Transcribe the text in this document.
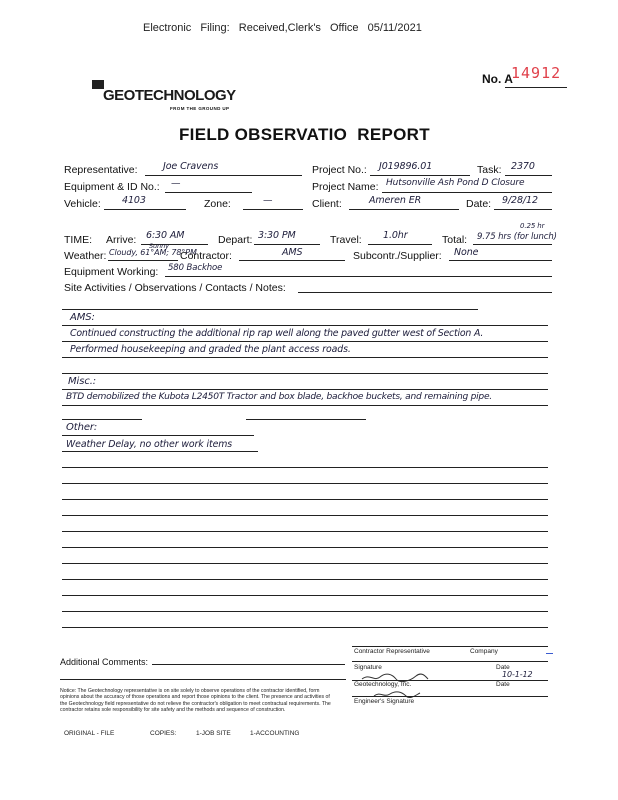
Electronic Filing: Received,Clerk's Office 05/11/2021
No. A
14912
GEOTECHNOLOGY
FROM THE GROUND UP
FIELD OBSERVATIO  REPORT
Representative:	Joe Cravens	Project No.: J019896.01	Task: 2370
Equipment & ID No.: —	Project Name: Hutsonville Ash Pond D Closure
Vehicle: 4103	Zone:	—	Client:	Ameren ER	Date: 9/28/12
TIME: Arrive: 6:30 AM	Depart: 3:30 PM	Travel: 1.0hr	Total: 9.75 hrs (for lunch)
0.25 hr
Weather: Cloudy, 61°AM; 78°PM
Sunny
Contractor:	AMS	Subcontr./Supplier: None
Equipment Working: 580 Backhoe
Site Activities / Observations / Contacts / Notes:
AMS:
Continued constructing the additional rip rap well along the paved gutter west of Section A.
Performed housekeeping and graded the plant access roads.
Misc.:
BTD demobilized the Kubota L2450T Tractor and box blade, backhoe buckets, and remaining pipe.
Other:
Weather Delay, no other work items
Contractor Representative	Company
Additional Comments:
Signature	Date
10-1-12
Geotechnology, Inc.	Date
Engineer's Signature
Notice: The Geotechnology representative is on site solely to observe operations of the contractor identified, form opinions about the accuracy of those operations and report those opinions to the client. The presence and activities of the Geotechnology field representative do not relieve the contractor's obligation to meet contractual requirements. The contractor retains sole responsibility for site safety and the methods and sequence of construction.
ORIGINAL - FILE	COPIES:	1-JOB SITE	1-ACCOUNTING
